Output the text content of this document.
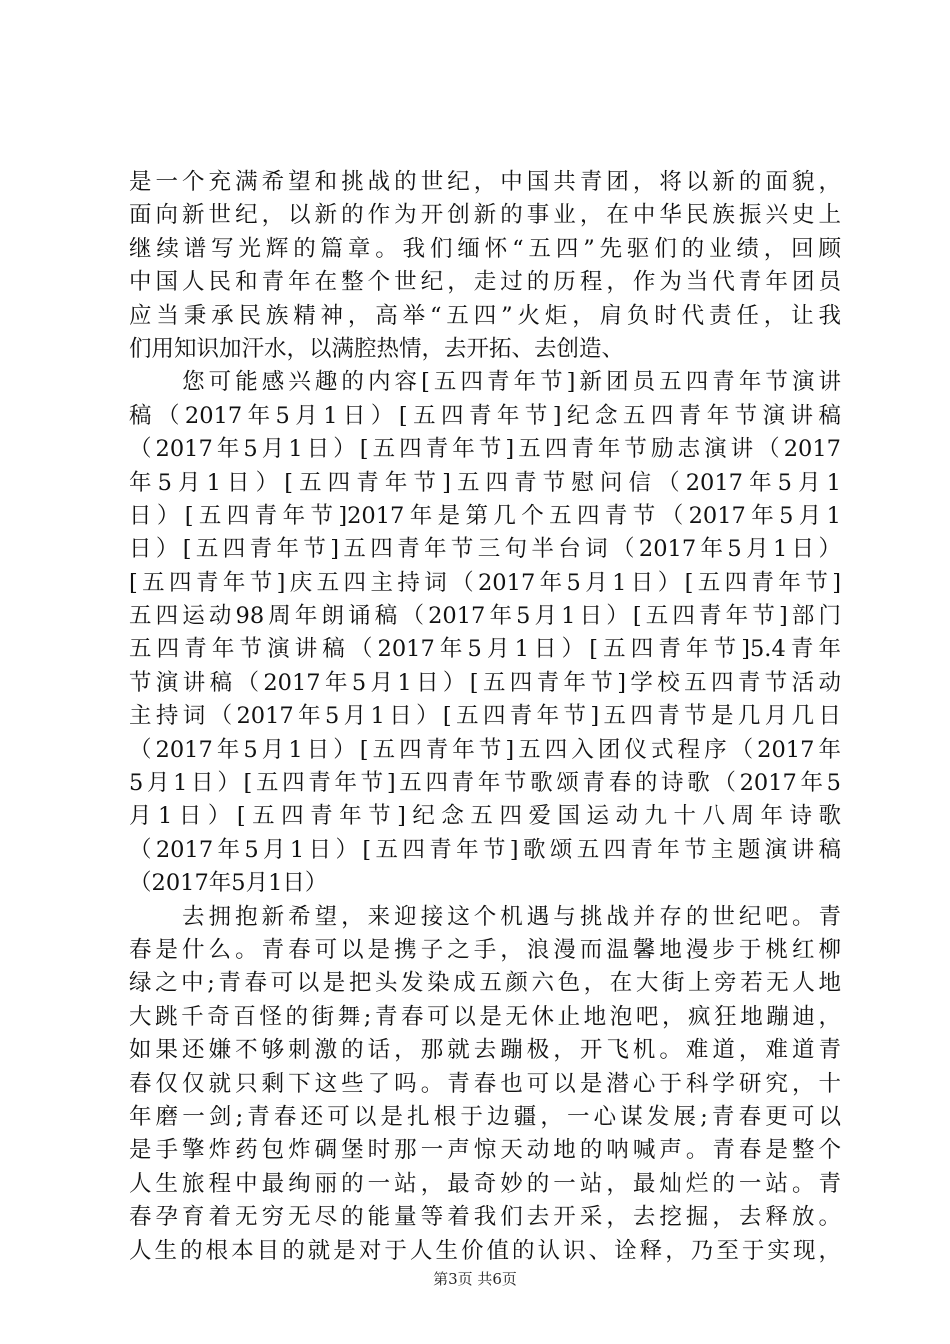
是一个充满希望和挑战的世纪，中国共青团，将以新的面貌，
面向新世纪，以新的作为开创新的事业，在中华民族振兴史上
继续谱写光辉的篇章。我们缅怀“五四”先驱们的业绩，回顾
中国人民和青年在整个世纪，走过的历程，作为当代青年团员
应当秉承民族精神，高举“五四”火炬，肩负时代责任，让我
们用知识加汗水，以满腔热情，去开拓、去创造、
　　您可能感兴趣的内容[五四青年节]新团员五四青年节演讲
稿（2017年5月1日）[五四青年节]纪念五四青年节演讲稿
（2017年5月1日）[五四青年节]五四青年节励志演讲（2017
年5月1日）[五四青年节]五四青节慰问信（2017年5月1
日）[五四青年节]2017年是第几个五四青节（2017年5月1
日）[五四青年节]五四青年节三句半台词（2017年5月1日）
[五四青年节]庆五四主持词（2017年5月1日）[五四青年节]
五四运动98周年朗诵稿（2017年5月1日）[五四青年节]部门
五四青年节演讲稿（2017年5月1日）[五四青年节]5.4青年
节演讲稿（2017年5月1日）[五四青年节]学校五四青节活动
主持词（2017年5月1日）[五四青年节]五四青节是几月几日
（2017年5月1日）[五四青年节]五四入团仪式程序（2017年
5月1日）[五四青年节]五四青年节歌颂青春的诗歌（2017年5
月1日）[五四青年节]纪念五四爱国运动九十八周年诗歌
（2017年5月1日）[五四青年节]歌颂五四青年节主题演讲稿
（2017年5月1日）
　　去拥抱新希望，来迎接这个机遇与挑战并存的世纪吧。青
春是什么。青春可以是携子之手，浪漫而温馨地漫步于桃红柳
绿之中;青春可以是把头发染成五颜六色，在大街上旁若无人地
大跳千奇百怪的街舞;青春可以是无休止地泡吧，疯狂地蹦迪，
如果还嫌不够刺激的话，那就去蹦极，开飞机。难道，难道青
春仅仅就只剩下这些了吗。青春也可以是潜心于科学研究，十
年磨一剑;青春还可以是扎根于边疆，一心谋发展;青春更可以
是手擎炸药包炸碉堡时那一声惊天动地的呐喊声。青春是整个
人生旅程中最绚丽的一站，最奇妙的一站，最灿烂的一站。青
春孕育着无穷无尽的能量等着我们去开采，去挖掘，去释放。
人生的根本目的就是对于人生价值的认识、诠释，乃至于实现，
第3页 共6页
